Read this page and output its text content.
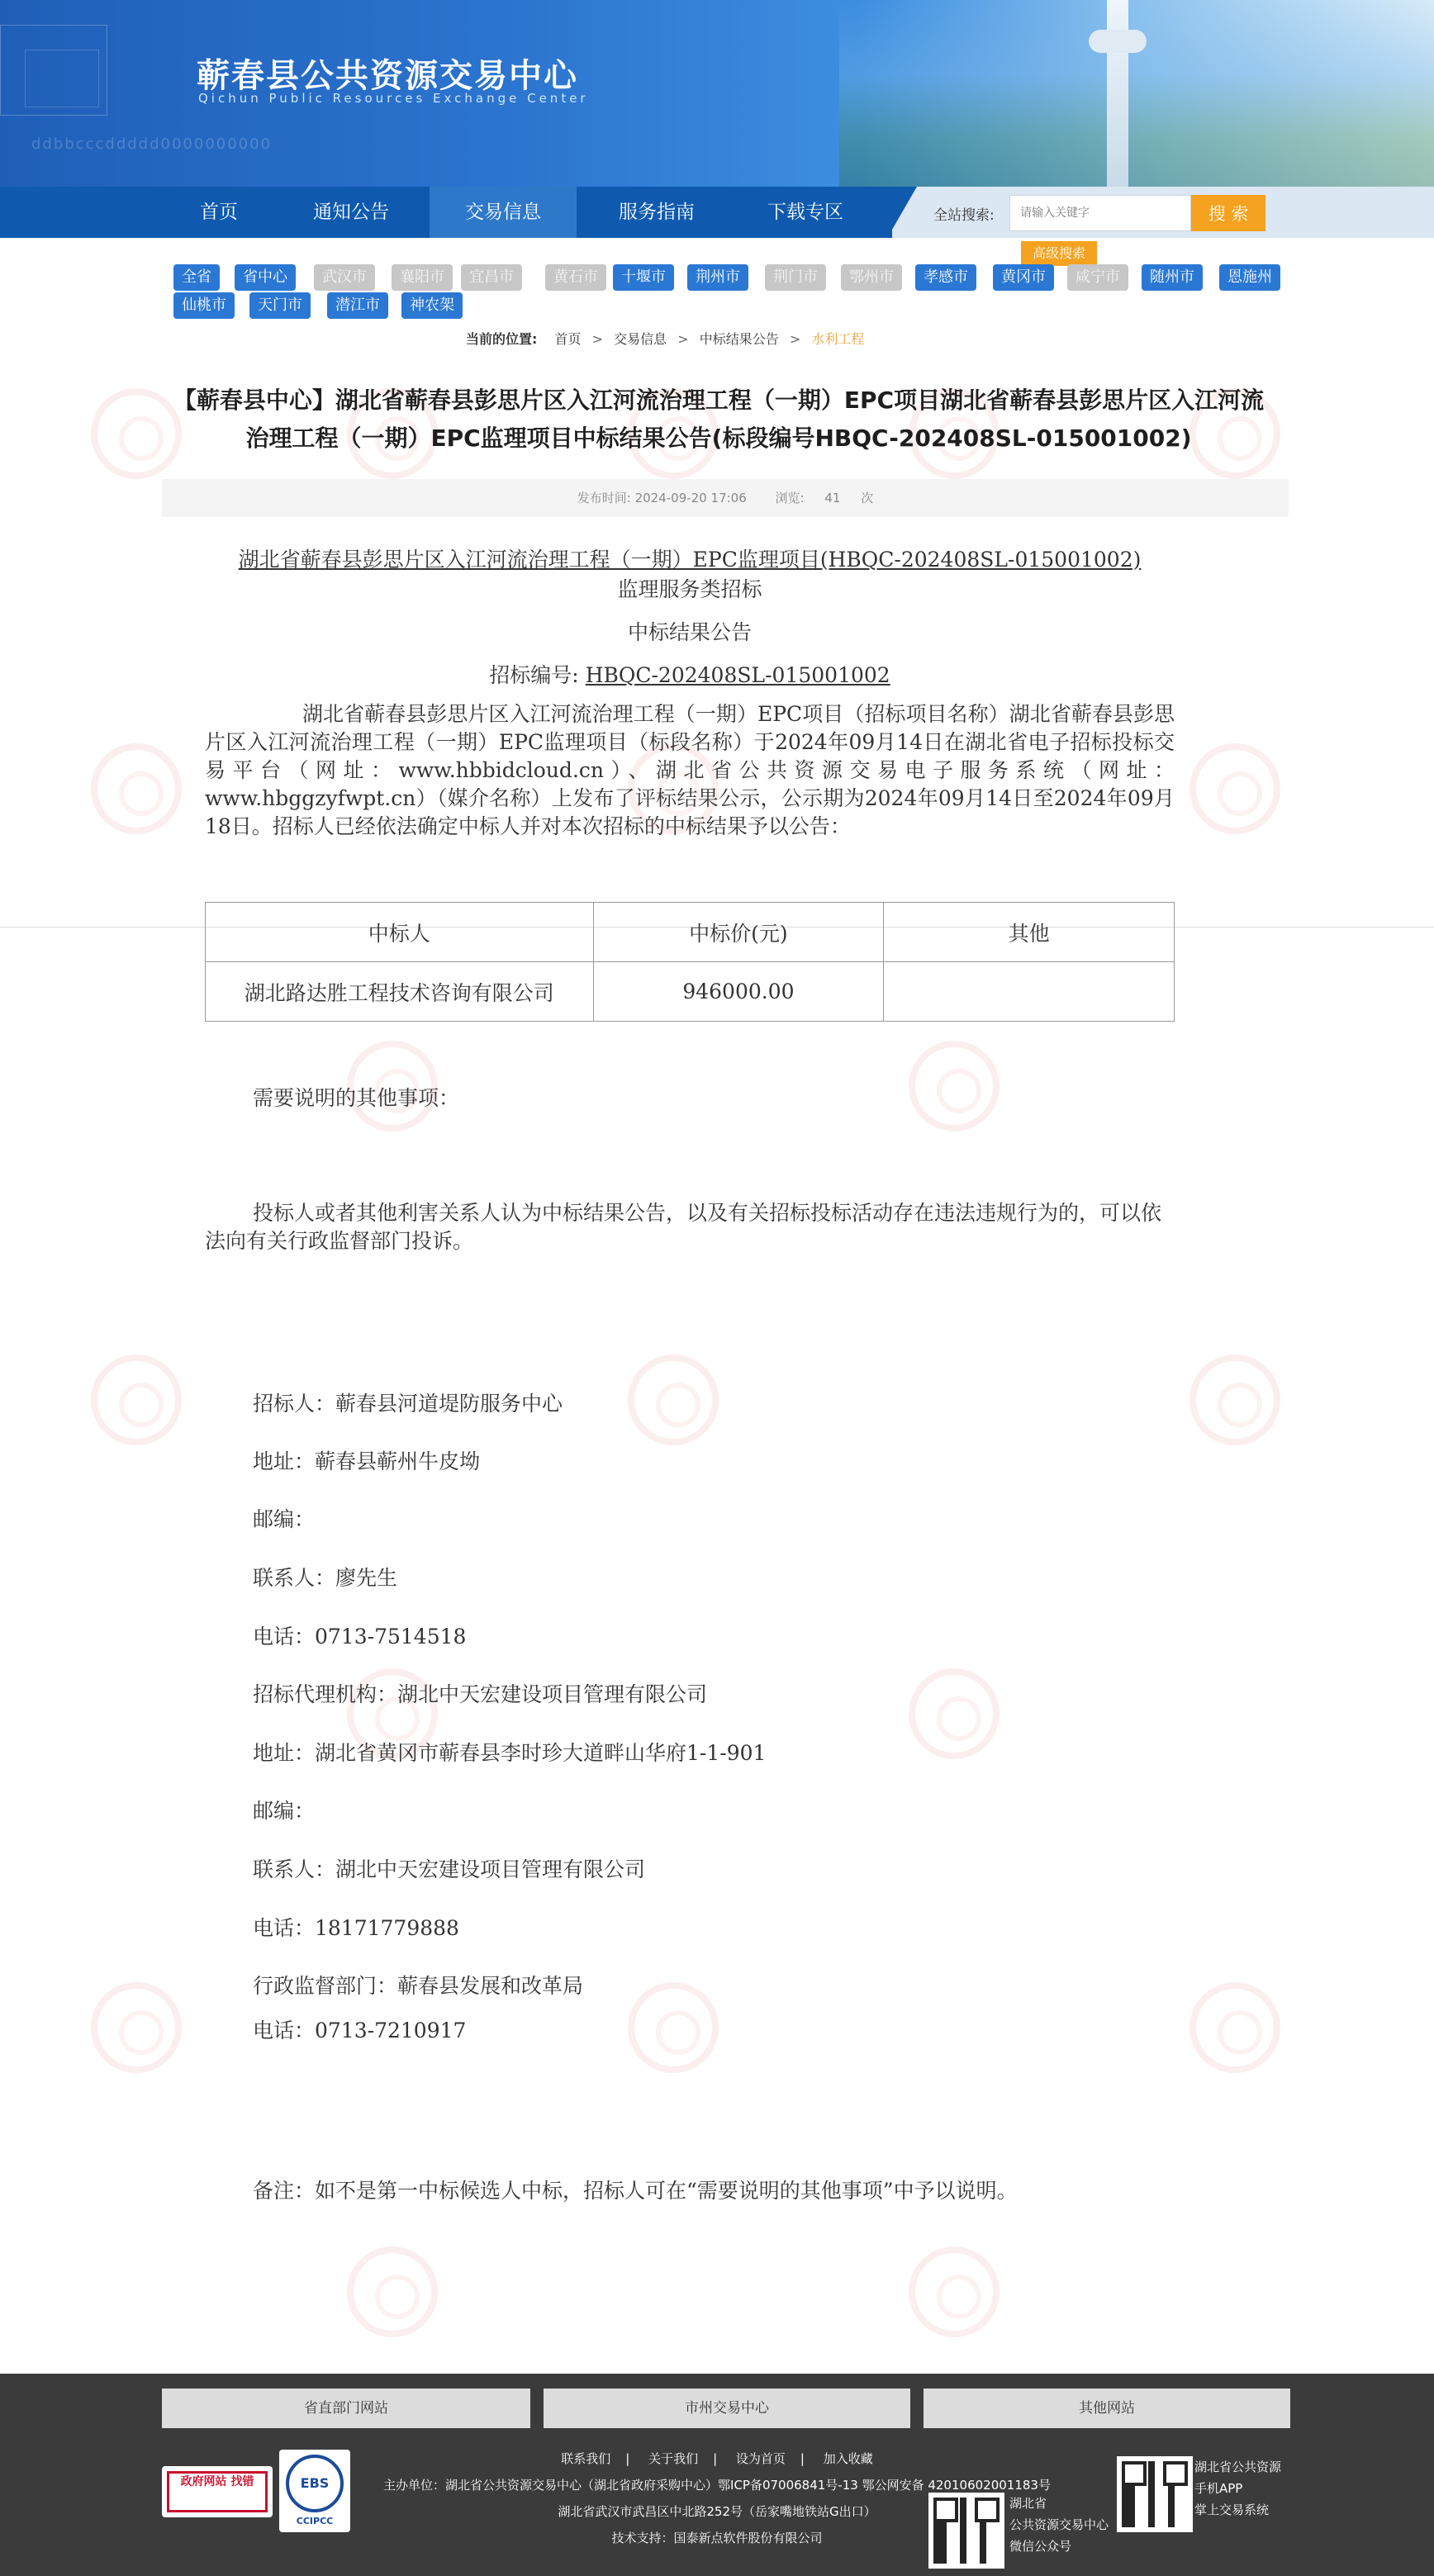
蕲春县公共资源交易中心
Qichun Public Resources Exchange Center
ddbbcccddddd0000000000
首页	通知公告	交易信息	服务指南	下载专区	全站搜索:
请输入关键字	搜 索
高级搜索
全省	省中心	武汉市	襄阳市	宜昌市	黄石市	十堰市	荆州市	荆门市	鄂州市	孝感市	黄冈市	咸宁市	随州市	恩施州
仙桃市	天门市	潜江市	神农架
当前的位置: 首页 > 交易信息 > 中标结果公告 > 水利工程
【蕲春县中心】湖北省蕲春县彭思片区入江河流治理工程（一期）EPC项目湖北省蕲春县彭思片区入江河流治理工程（一期）EPC监理项目中标结果公告(标段编号HBQC-202408SL-015001002)
发布时间: 2024-09-20 17:06 浏览: 41 次
湖北省蕲春县彭思片区入江河流治理工程（一期）EPC监理项目(HBQC-202408SL-015001002)
监理服务类招标
中标结果公告
招标编号: HBQC-202408SL-015001002
湖北省蕲春县彭思片区入江河流治理工程（一期）EPC项目（招标项目名称）湖北省蕲春县彭思片区入江河流治理工程（一期）EPC监理项目（标段名称）于2024年09月14日在湖北省电子招标投标交易平台（网址：www.hbbidcloud.cn）、湖北省公共资源交易电子服务系统（网址：www.hbggzyfwpt.cn）（媒介名称）上发布了评标结果公示，公示期为2024年09月14日至2024年09月18日。招标人已经依法确定中标人并对本次招标的中标结果予以公告：
中标人	中标价(元)	其他
湖北路达胜工程技术咨询有限公司	946000.00	
需要说明的其他事项：
投标人或者其他利害关系人认为中标结果公告，以及有关招标投标活动存在违法违规行为的，可以依法向有关行政监督部门投诉。
招标人：蕲春县河道堤防服务中心
地址：蕲春县蕲州牛皮坳
邮编：
联系人：廖先生
电话：0713-7514518
招标代理机构：湖北中天宏建设项目管理有限公司
地址：湖北省黄冈市蕲春县李时珍大道畔山华府1-1-901
邮编：
联系人：湖北中天宏建设项目管理有限公司
电话：18171779888
行政监督部门：蕲春县发展和改革局
电话：0713-7210917
备注：如不是第一中标候选人中标，招标人可在“需要说明的其他事项”中予以说明。
省直部门网站	市州交易中心	其他网站
联系我们 | 关于我们 | 设为首页 | 加入收藏
主办单位：湖北省公共资源交易中心（湖北省政府采购中心）鄂ICP备07006841号-13 鄂公网安备 42010602001183号
湖北省武汉市武昌区中北路252号（岳家嘴地铁站G出口）
技术支持：国泰新点软件股份有限公司
政府网站 找错	EBS
CCIPCC
湖北省
公共资源交易中心
微信公众号
湖北省公共资源
手机APP
掌上交易系统
